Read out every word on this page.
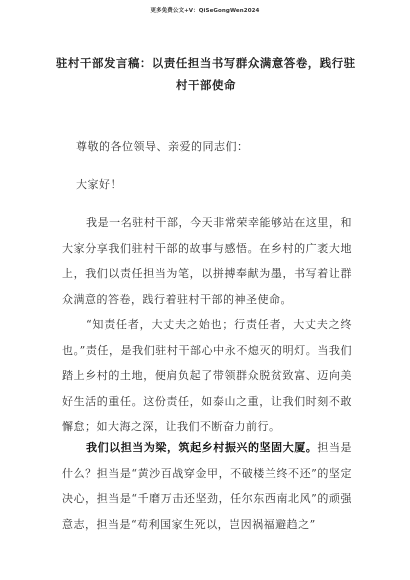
更多免费公文+V：QiSeGongWen2024
驻村干部发言稿：以责任担当书写群众满意答卷，践行驻
村干部使命
尊敬的各位领导、亲爱的同志们：
大家好！
我是一名驻村干部，今天非常荣幸能够站在这里，和大家分享我们驻村干部的故事与感悟。在乡村的广袤大地上，我们以责任担当为笔，以拼搏奉献为墨，书写着让群众满意的答卷，践行着驻村干部的神圣使命。
“知责任者，大丈夫之始也；行责任者，大丈夫之终也。”责任，是我们驻村干部心中永不熄灭的明灯。当我们踏上乡村的土地，便肩负起了带领群众脱贫致富、迈向美好生活的重任。这份责任，如泰山之重，让我们时刻不敢懈怠；如大海之深，让我们不断奋力前行。
我们以担当为梁，筑起乡村振兴的坚固大厦。担当是什么？担当是“黄沙百战穿金甲，不破楼兰终不还”的坚定决心，担当是“千磨万击还坚劲，任尔东西南北风”的顽强意志，担当是“苟利国家生死以，岂因祸福避趋之”
